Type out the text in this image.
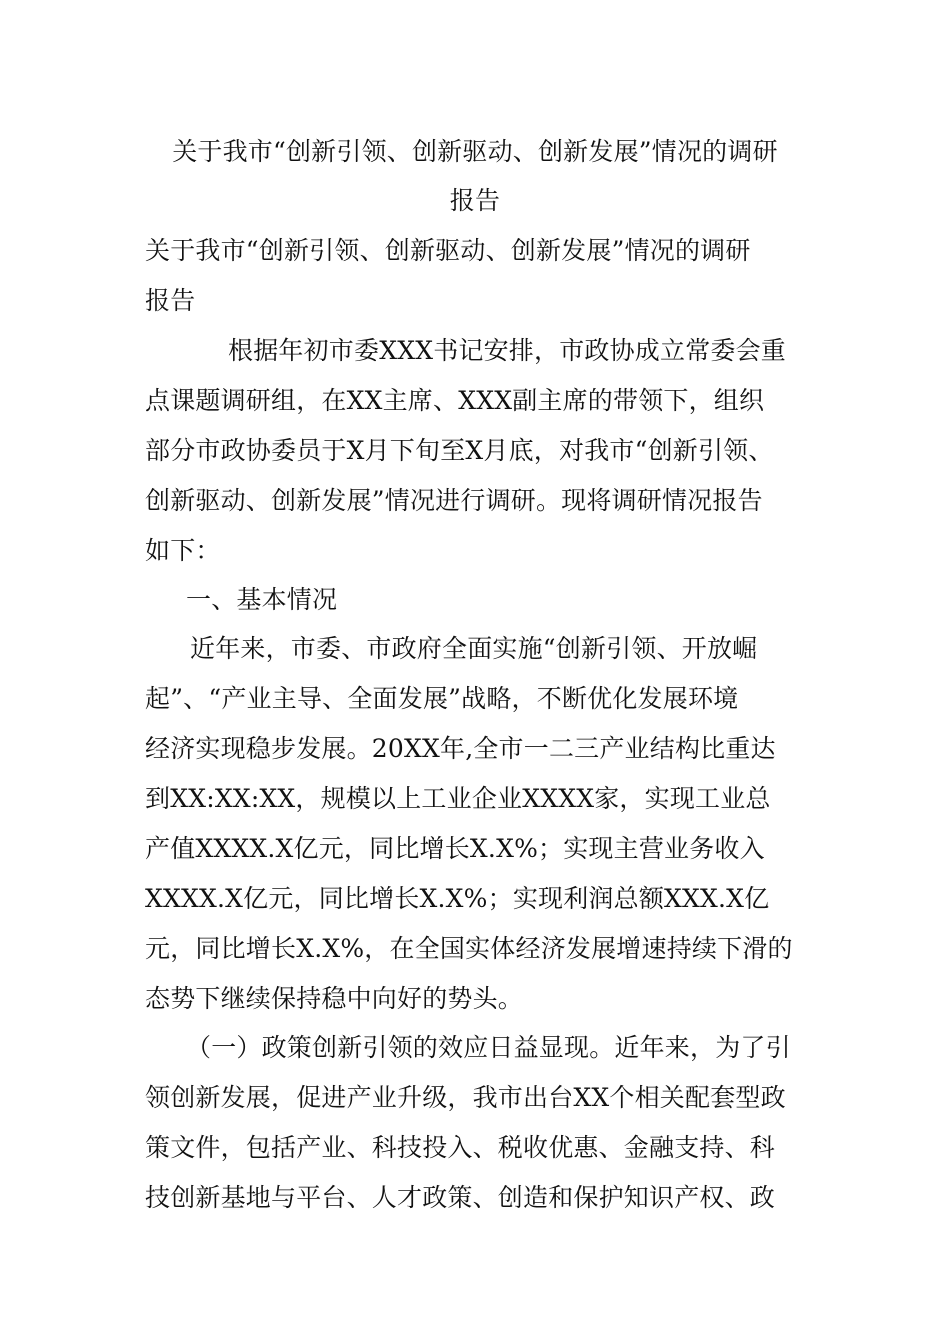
关于我市“创新引领、创新驱动、创新发展”情况的调研
报告
关于我市“创新引领、创新驱动、创新发展”情况的调研
报告
根据年初市委XXX书记安排，市政协成立常委会重
点课题调研组，在XX主席、XXX副主席的带领下，组织
部分市政协委员于X月下旬至X月底，对我市“创新引领、
创新驱动、创新发展”情况进行调研。现将调研情况报告
如下：
一、基本情况
近年来，市委、市政府全面实施“创新引领、开放崛
起”、“产业主导、全面发展”战略，不断优化发展环境
经济实现稳步发展。20XX年,全市一二三产业结构比重达
到XX:XX:XX，规模以上工业企业XXXX家，实现工业总
产值XXXX.X亿元，同比增长X.X%；实现主营业务收入
XXXX.X亿元，同比增长X.X%；实现利润总额XXX.X亿
元，同比增长X.X%，在全国实体经济发展增速持续下滑的
态势下继续保持稳中向好的势头。
（一）政策创新引领的效应日益显现。近年来，为了引
领创新发展，促进产业升级，我市出台XX个相关配套型政
策文件，包括产业、科技投入、税收优惠、金融支持、科
技创新基地与平台、人才政策、创造和保护知识产权、政
